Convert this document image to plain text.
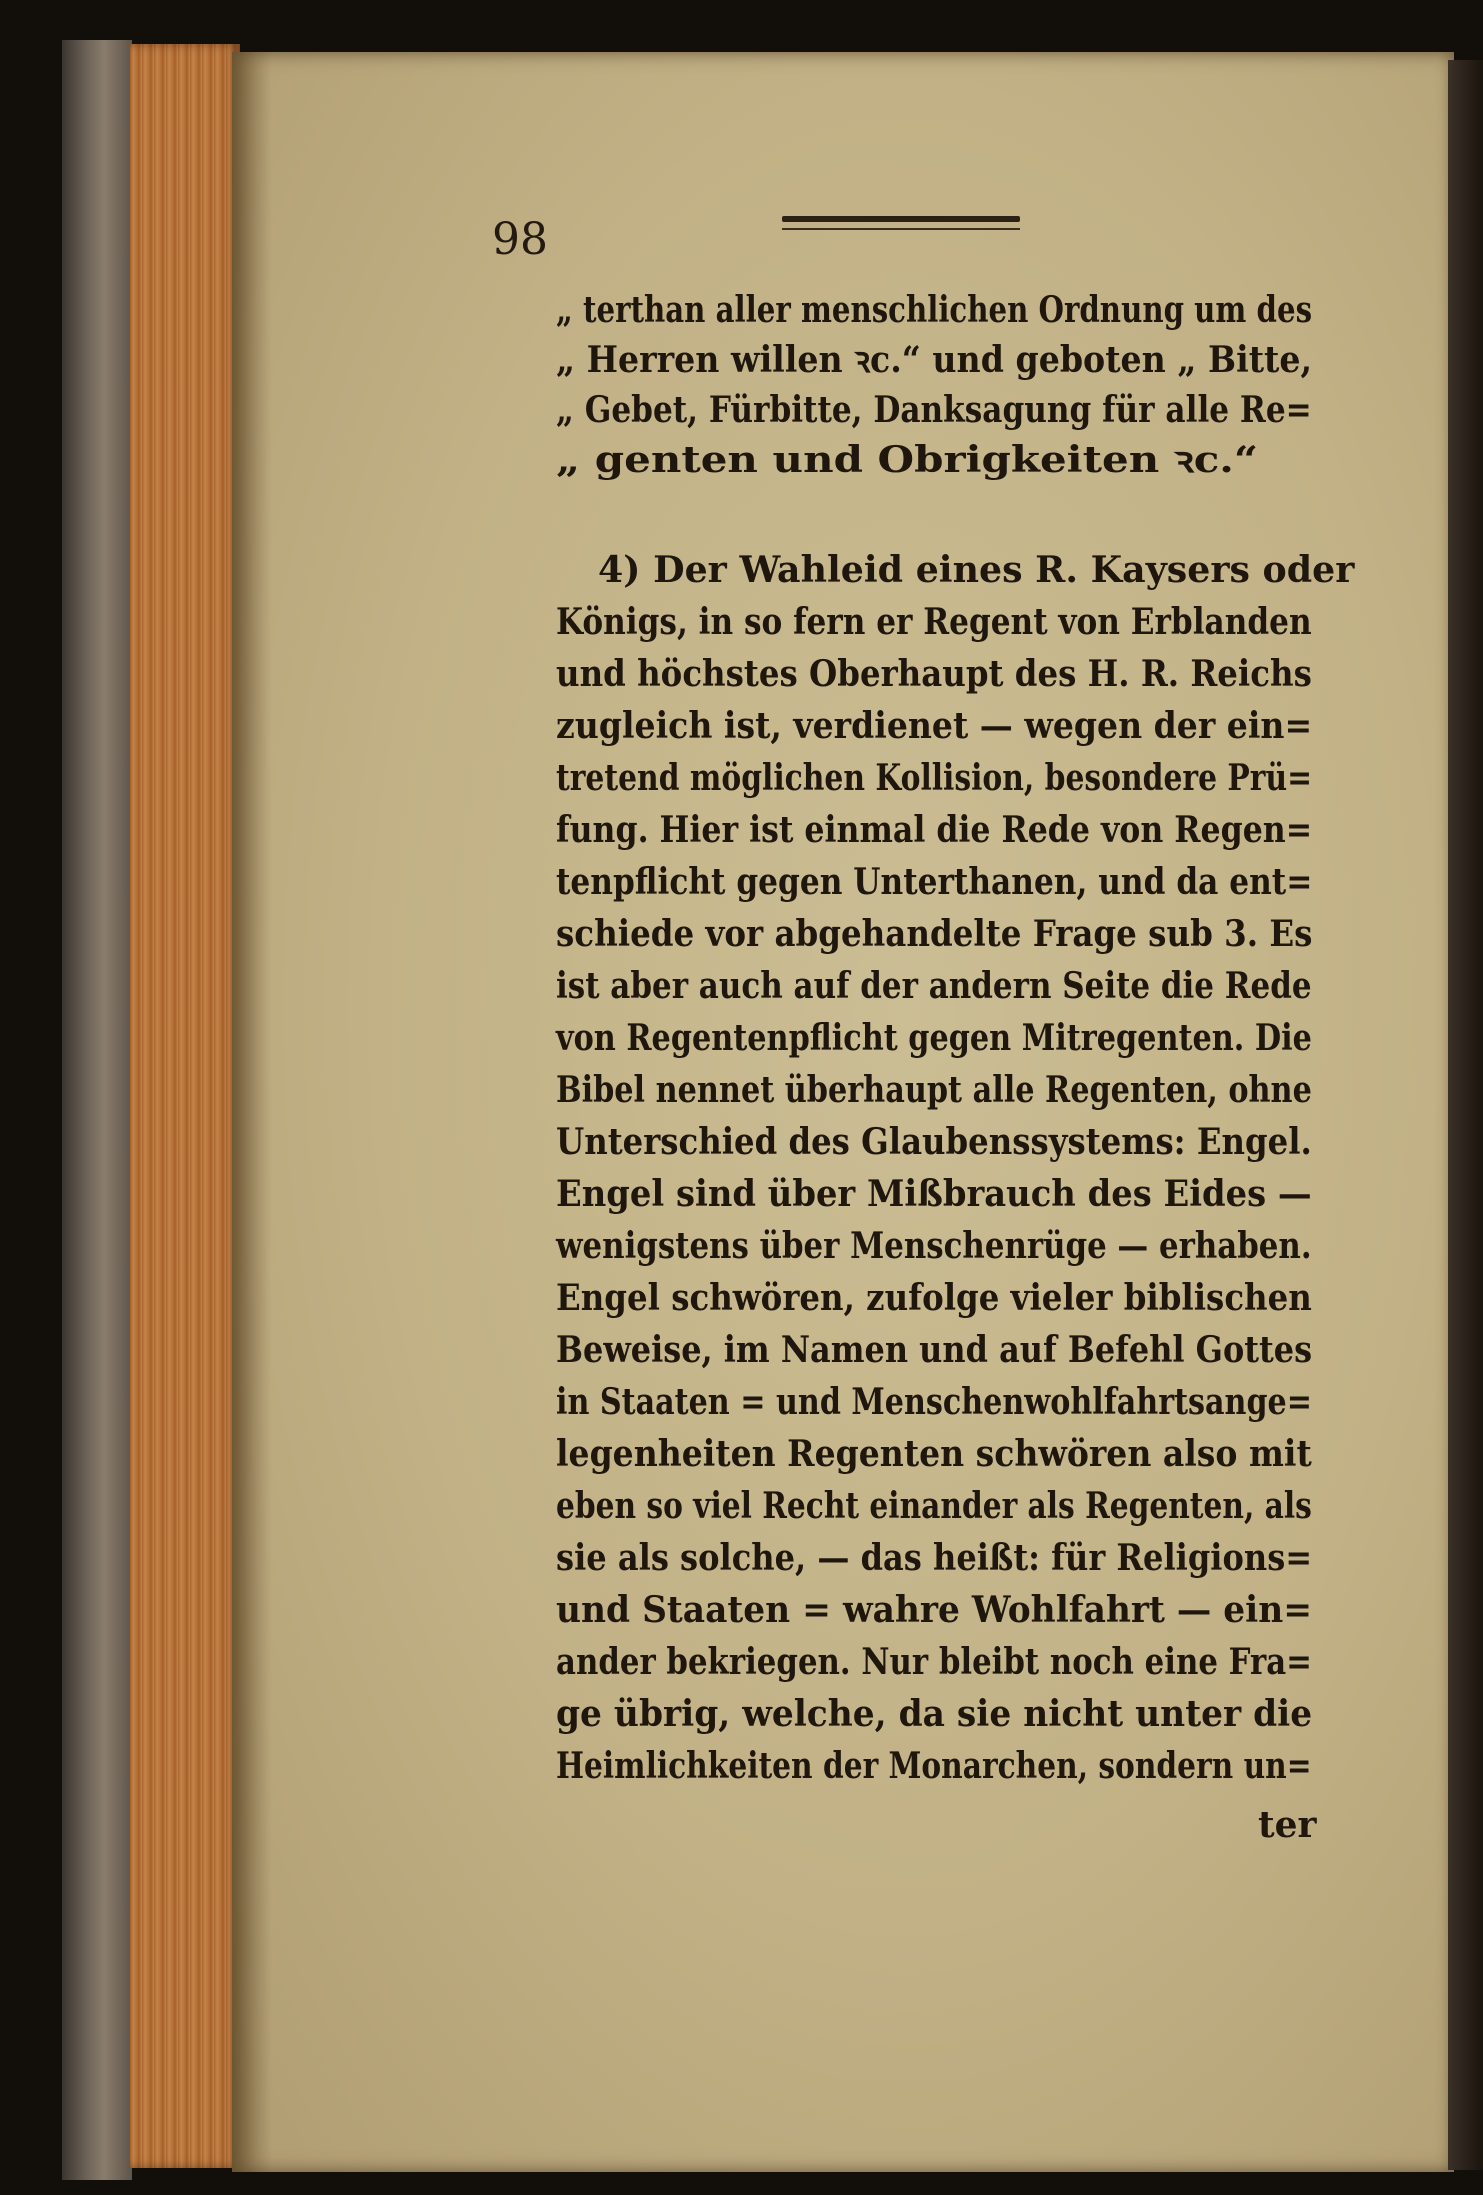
98
„ terthan aller menschlichen Ordnung um des
„ Herren willen ꝛc.“ und geboten „ Bitte,
„ Gebet, Fürbitte, Danksagung für alle Re=
„ genten und Obrigkeiten ꝛc.“
4) Der Wahleid eines R. Kaysers oder
Königs, in so fern er Regent von Erblanden
und höchstes Oberhaupt des H. R. Reichs
zugleich ist, verdienet — wegen der ein=
tretend möglichen Kollision, besondere Prü=
fung. Hier ist einmal die Rede von Regen=
tenpflicht gegen Unterthanen, und da ent=
schiede vor abgehandelte Frage sub 3. Es
ist aber auch auf der andern Seite die Rede
von Regentenpflicht gegen Mitregenten. Die
Bibel nennet überhaupt alle Regenten, ohne
Unterschied des Glaubenssystems: Engel.
Engel sind über Mißbrauch des Eides —
wenigstens über Menschenrüge — erhaben.
Engel schwören, zufolge vieler biblischen
Beweise, im Namen und auf Befehl Gottes
in Staaten = und Menschenwohlfahrtsange=
legenheiten Regenten schwören also mit
eben so viel Recht einander als Regenten, als
sie als solche, — das heißt: für Religions=
und Staaten = wahre Wohlfahrt — ein=
ander bekriegen. Nur bleibt noch eine Fra=
ge übrig, welche, da sie nicht unter die
Heimlichkeiten der Monarchen, sondern un=
ter
